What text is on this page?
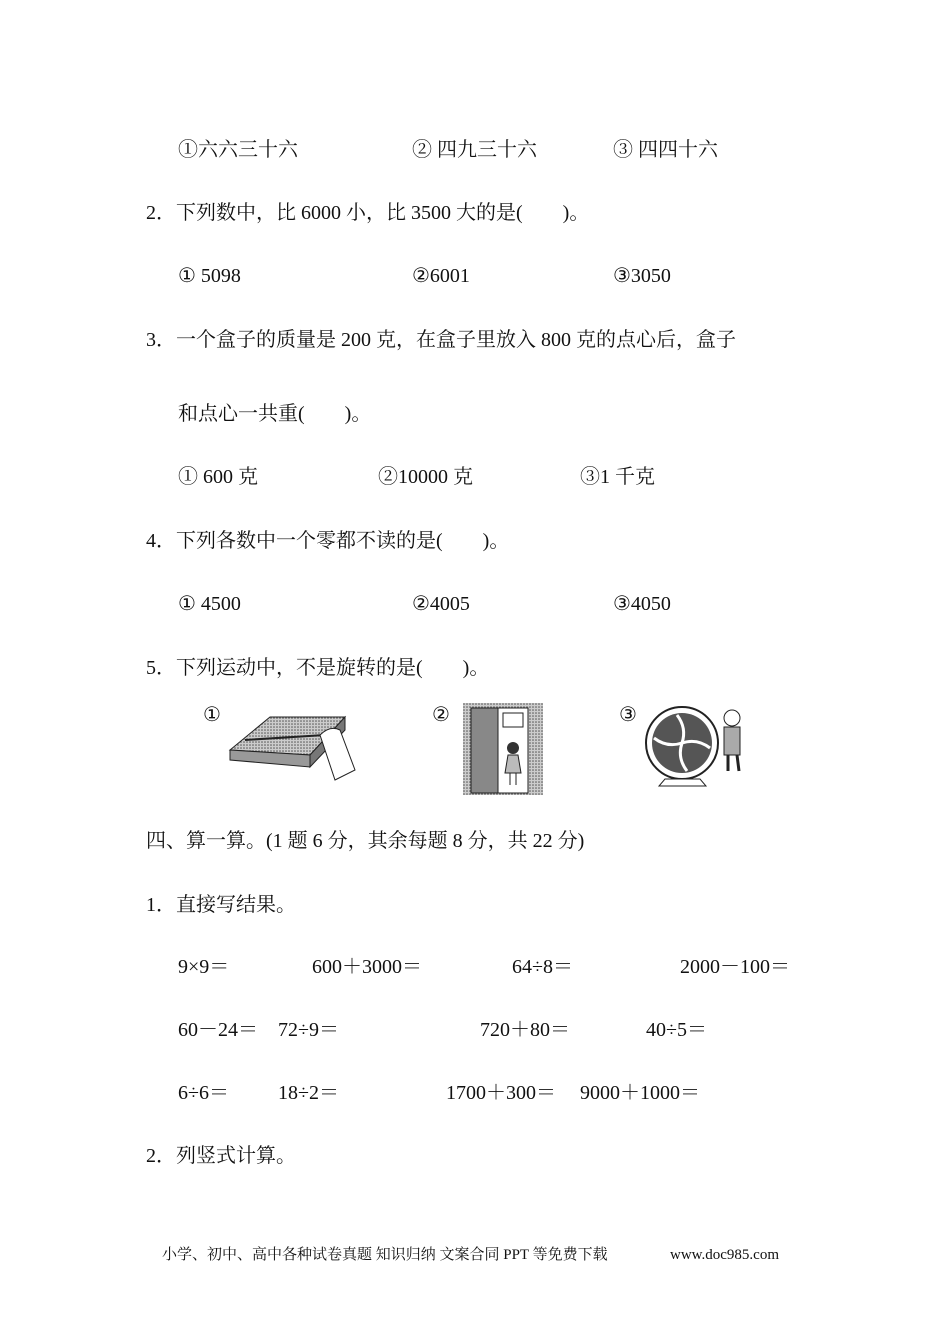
①六六三十六	② 四九三十六	③ 四四十六
2．下列数中，比 6000 小，比 3500 大的是(　　)。
① 5098	②6001	③3050
3．一个盒子的质量是 200 克，在盒子里放入 800 克的点心后，盒子
和点心一共重(　　)。
① 600 克	②10000 克	③1 千克
4．下列各数中一个零都不读的是(　　)。
① 4500	②4005	③4050
5．下列运动中，不是旋转的是(　　)。
①	②	③
四、算一算。(1 题 6 分，其余每题 8 分，共 22 分)
1．直接写结果。
9×9＝	600＋3000＝	64÷8＝	2000－100＝
60－24＝ 72÷9＝	720＋80＝	40÷5＝
6÷6＝ 18÷2＝	1700＋300＝ 9000＋1000＝
2．列竖式计算。
小学、初中、高中各种试卷真题 知识归纳 文案合同 PPT 等免费下载	www.doc985.com
